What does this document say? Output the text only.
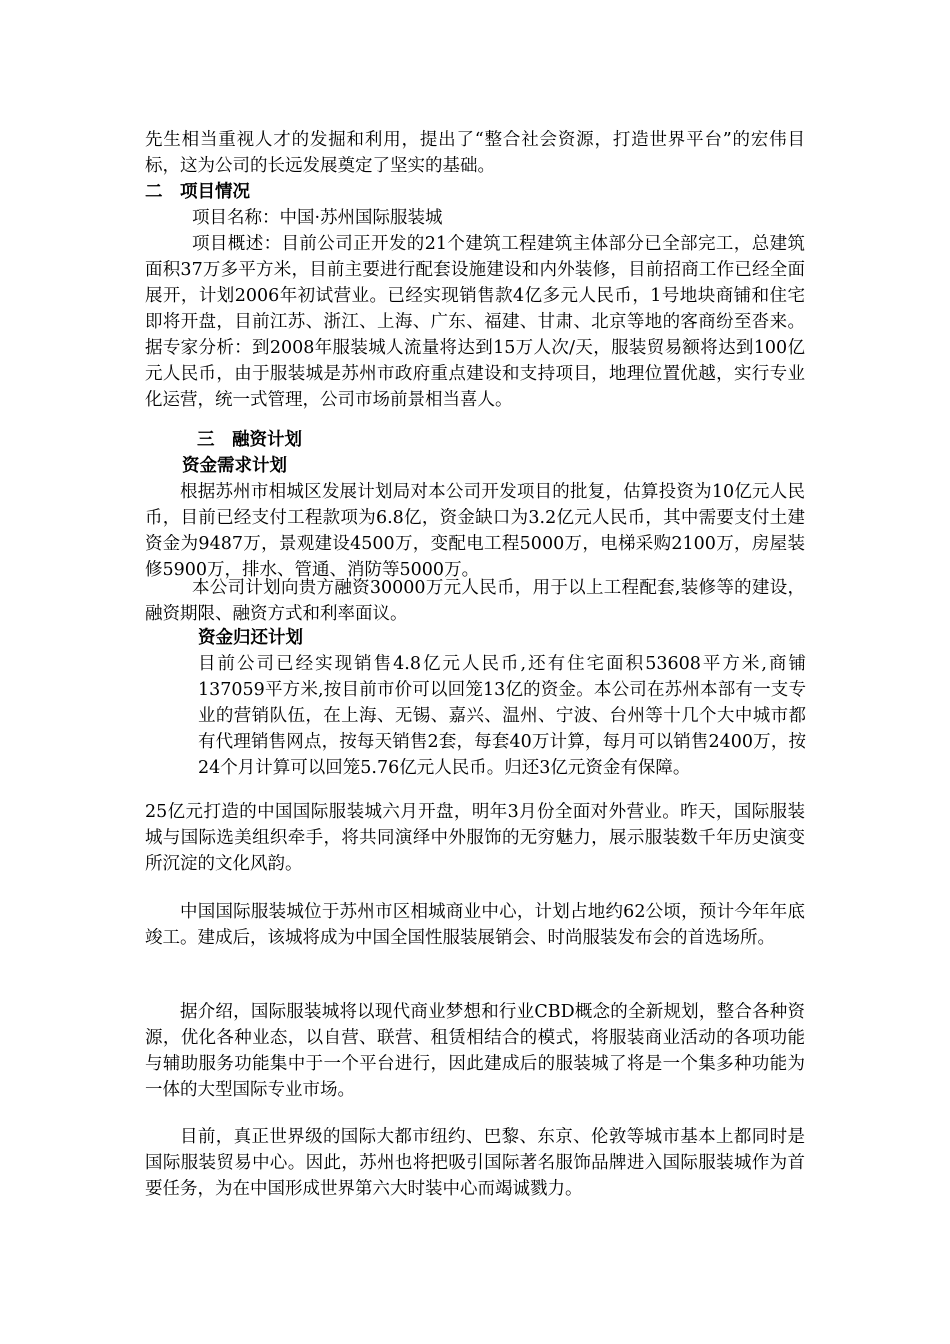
先生相当重视人才的发掘和利用，提出了“整合社会资源，打造世界平台”的宏伟目标，这为公司的长远发展奠定了坚实的基础。

二　项目情况

项目名称：中国·苏州国际服装城

项目概述：目前公司正开发的21个建筑工程建筑主体部分已全部完工，总建筑面积37万多平方米，目前主要进行配套设施建设和内外装修，目前招商工作已经全面展开，计划2006年初试营业。已经实现销售款4亿多元人民币，1号地块商铺和住宅即将开盘，目前江苏、浙江、上海、广东、福建、甘肃、北京等地的客商纷至沓来。据专家分析：到2008年服装城人流量将达到15万人次/天，服装贸易额将达到100亿元人民币，由于服装城是苏州市政府重点建设和支持项目，地理位置优越，实行专业化运营，统一式管理，公司市场前景相当喜人。

三　融资计划

资金需求计划

根据苏州市相城区发展计划局对本公司开发项目的批复，估算投资为10亿元人民币，目前已经支付工程款项为6.8亿，资金缺口为3.2亿元人民币，其中需要支付土建资金为9487万，景观建设4500万，变配电工程5000万，电梯采购2100万，房屋装修5900万，排水、管通、消防等5000万。

本公司计划向贵方融资30000万元人民币，用于以上工程配套,装修等的建设，融资期限、融资方式和利率面议。

资金归还计划

目前公司已经实现销售4.8亿元人民币,还有住宅面积53608平方米,商铺137059平方米,按目前市价可以回笼13亿的资金。本公司在苏州本部有一支专业的营销队伍，在上海、无锡、嘉兴、温州、宁波、台州等十几个大中城市都有代理销售网点，按每天销售2套，每套40万计算，每月可以销售2400万，按24个月计算可以回笼5.76亿元人民币。归还3亿元资金有保障。

25亿元打造的中国国际服装城六月开盘，明年3月份全面对外营业。昨天，国际服装城与国际选美组织牵手，将共同演绎中外服饰的无穷魅力，展示服装数千年历史演变所沉淀的文化风韵。

中国国际服装城位于苏州市区相城商业中心，计划占地约62公顷，预计今年年底竣工。建成后，该城将成为中国全国性服装展销会、时尚服装发布会的首选场所。

据介绍，国际服装城将以现代商业梦想和行业CBD概念的全新规划，整合各种资源，优化各种业态，以自营、联营、租赁相结合的模式，将服装商业活动的各项功能与辅助服务功能集中于一个平台进行，因此建成后的服装城了将是一个集多种功能为一体的大型国际专业市场。

目前，真正世界级的国际大都市纽约、巴黎、东京、伦敦等城市基本上都同时是国际服装贸易中心。因此，苏州也将把吸引国际著名服饰品牌进入国际服装城作为首要任务，为在中国形成世界第六大时装中心而竭诚戮力。
